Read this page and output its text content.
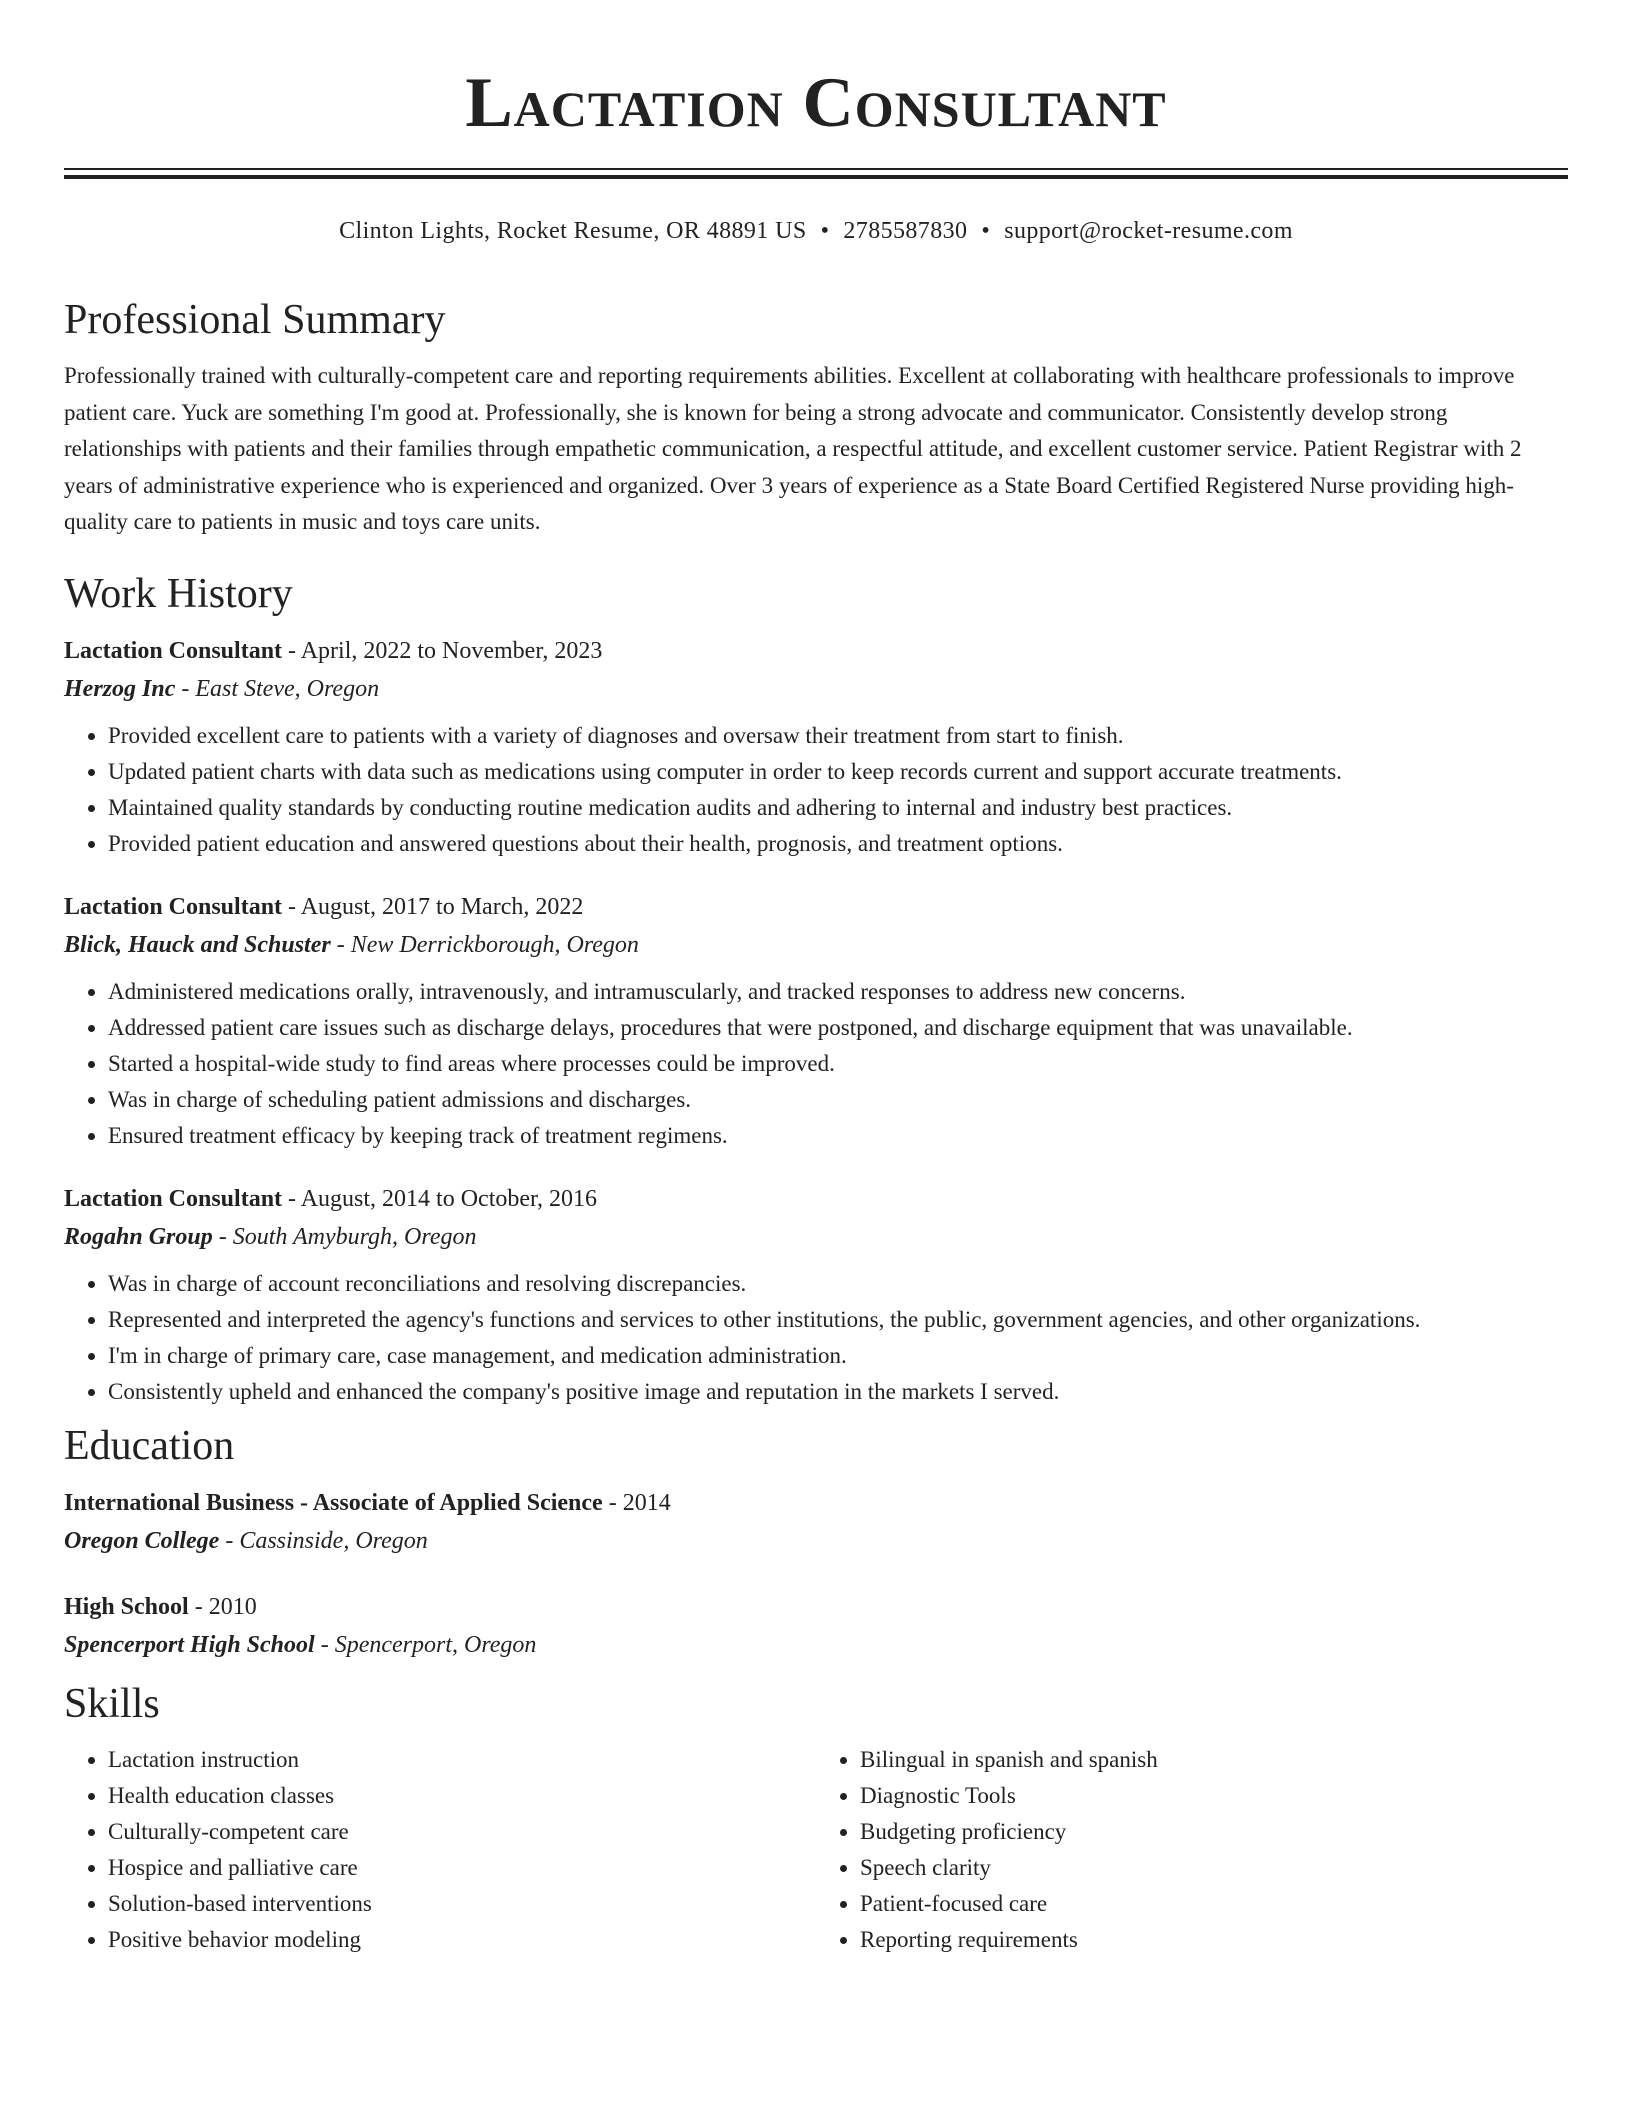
Lactation Consultant
Clinton Lights, Rocket Resume, OR 48891 US • 2785587830 • support@rocket-resume.com
Professional Summary

Professionally trained with culturally-competent care and reporting requirements abilities. Excellent at collaborating with healthcare professionals to improve patient care. Yuck are something I'm good at. Professionally, she is known for being a strong advocate and communicator. Consistently develop strong relationships with patients and their families through empathetic communication, a respectful attitude, and excellent customer service. Patient Registrar with 2 years of administrative experience who is experienced and organized. Over 3 years of experience as a State Board Certified Registered Nurse providing high-quality care to patients in music and toys care units.

Work History
Lactation Consultant - April, 2022 to November, 2023
Herzog Inc - East Steve, Oregon
• Provided excellent care to patients with a variety of diagnoses and oversaw their treatment from start to finish.
• Updated patient charts with data such as medications using computer in order to keep records current and support accurate treatments.
• Maintained quality standards by conducting routine medication audits and adhering to internal and industry best practices.
• Provided patient education and answered questions about their health, prognosis, and treatment options.
Lactation Consultant - August, 2017 to March, 2022
Blick, Hauck and Schuster - New Derrickborough, Oregon
• Administered medications orally, intravenously, and intramuscularly, and tracked responses to address new concerns.
• Addressed patient care issues such as discharge delays, procedures that were postponed, and discharge equipment that was unavailable.
• Started a hospital-wide study to find areas where processes could be improved.
• Was in charge of scheduling patient admissions and discharges.
• Ensured treatment efficacy by keeping track of treatment regimens.
Lactation Consultant - August, 2014 to October, 2016
Rogahn Group - South Amyburgh, Oregon
• Was in charge of account reconciliations and resolving discrepancies.
• Represented and interpreted the agency's functions and services to other institutions, the public, government agencies, and other organizations.
• I'm in charge of primary care, case management, and medication administration.
• Consistently upheld and enhanced the company's positive image and reputation in the markets I served.
Education
International Business - Associate of Applied Science - 2014
Oregon College - Cassinside, Oregon
High School - 2010
Spencerport High School - Spencerport, Oregon
Skills
• Lactation instruction
• Health education classes
• Culturally-competent care
• Hospice and palliative care
• Solution-based interventions
• Positive behavior modeling
• Bilingual in spanish and spanish
• Diagnostic Tools
• Budgeting proficiency
• Speech clarity
• Patient-focused care
• Reporting requirements
